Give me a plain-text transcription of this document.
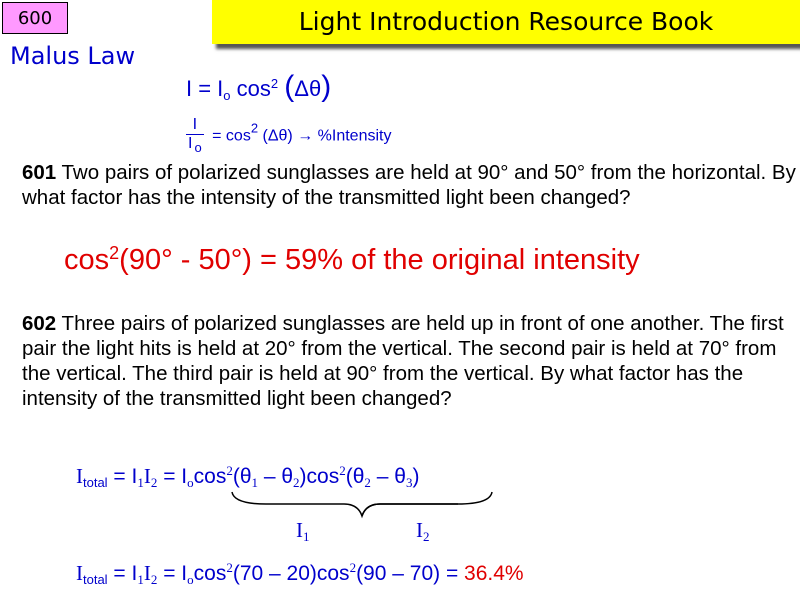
600	Light Introduction Resource Book
Malus Law
$I = I_o$ $\cos^2 (\Delta\theta)$
$\frac{I}{I _o} = \cos^2 (\Delta\theta)$ → %Intensity
601 Two pairs of polarized sunglasses are held at 90° and 50° from the horizontal. By what factor has the intensity of the transmitted light been changed?
$\cos^2(90^\circ - 50^\circ) = 59\%$ of the original intensity
602 Three pairs of polarized sunglasses are held up in front of one another. The first pair the light hits is held at 20° from the vertical. The second pair is held at 70° from the vertical. The third pair is held at 90° from the vertical. By what factor has the intensity of the transmitted light been changed?
$I_{total} = I_1I_2 = I_o\cos^2(\theta_1 - \theta_2)\cos^2(\theta_2 - \theta_3)$
$I_1$	$I_2$
$I_{total} = I_1I_2 = I_o\cos^2(70 - 20)\cos^2(90 - 70) = 36.4\%$
